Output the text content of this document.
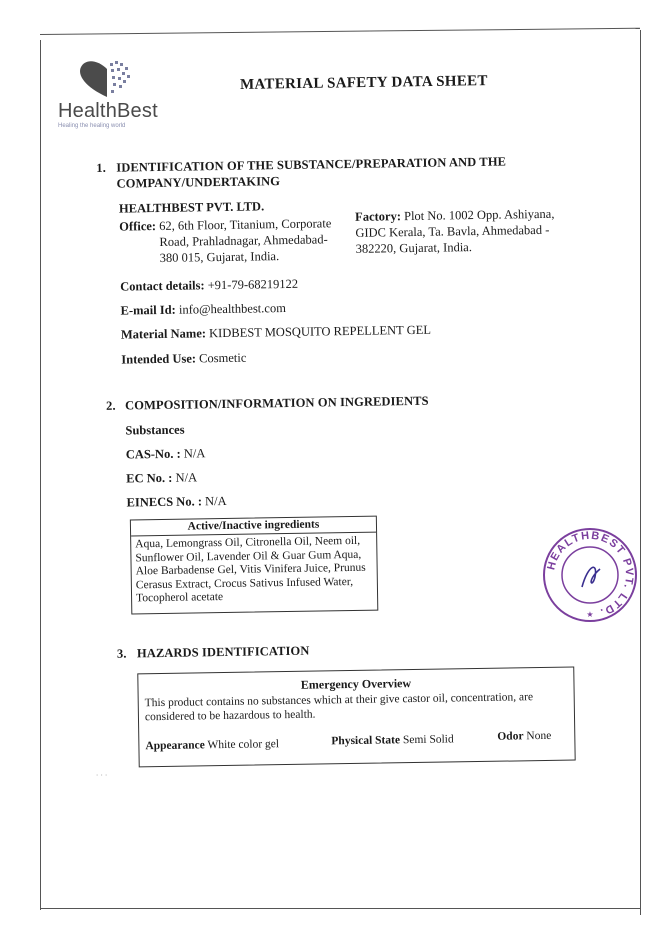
HealthBest
Healing the healing world
MATERIAL SAFETY DATA SHEET
1. IDENTIFICATION OF THE SUBSTANCE/PREPARATION AND THE
COMPANY/UNDERTAKING
HEALTHBEST PVT. LTD.
Office: 62, 6th Floor, Titanium, Corporate
Road, Prahladnagar, Ahmedabad-
380 015, Gujarat, India.
Factory: Plot No. 1002 Opp. Ashiyana,
GIDC Kerala, Ta. Bavla, Ahmedabad -
382220, Gujarat, India.
Contact details: +91-79-68219122
E-mail Id: info@healthbest.com
Material Name: KIDBEST MOSQUITO REPELLENT GEL
Intended Use: Cosmetic
2. COMPOSITION/INFORMATION ON INGREDIENTS
Substances
CAS-No. : N/A
EC No. : N/A
EINECS No. : N/A
Active/Inactive ingredients
Aqua, Lemongrass Oil, Citronella Oil, Neem oil, Sunflower Oil, Lavender Oil & Guar Gum Aqua, Aloe Barbadense Gel, Vitis Vinifera Juice, Prunus Cerasus Extract, Crocus Sativus Infused Water, Tocopherol acetate
3. HAZARDS IDENTIFICATION
Emergency Overview
This product contains no substances which at their give castor oil, concentration, are considered to be hazardous to health.
Appearance White color gel	Physical State Semi Solid	Odor None
HEALTHBEST PVT. LTD.
★
∙ ∙ ∙
